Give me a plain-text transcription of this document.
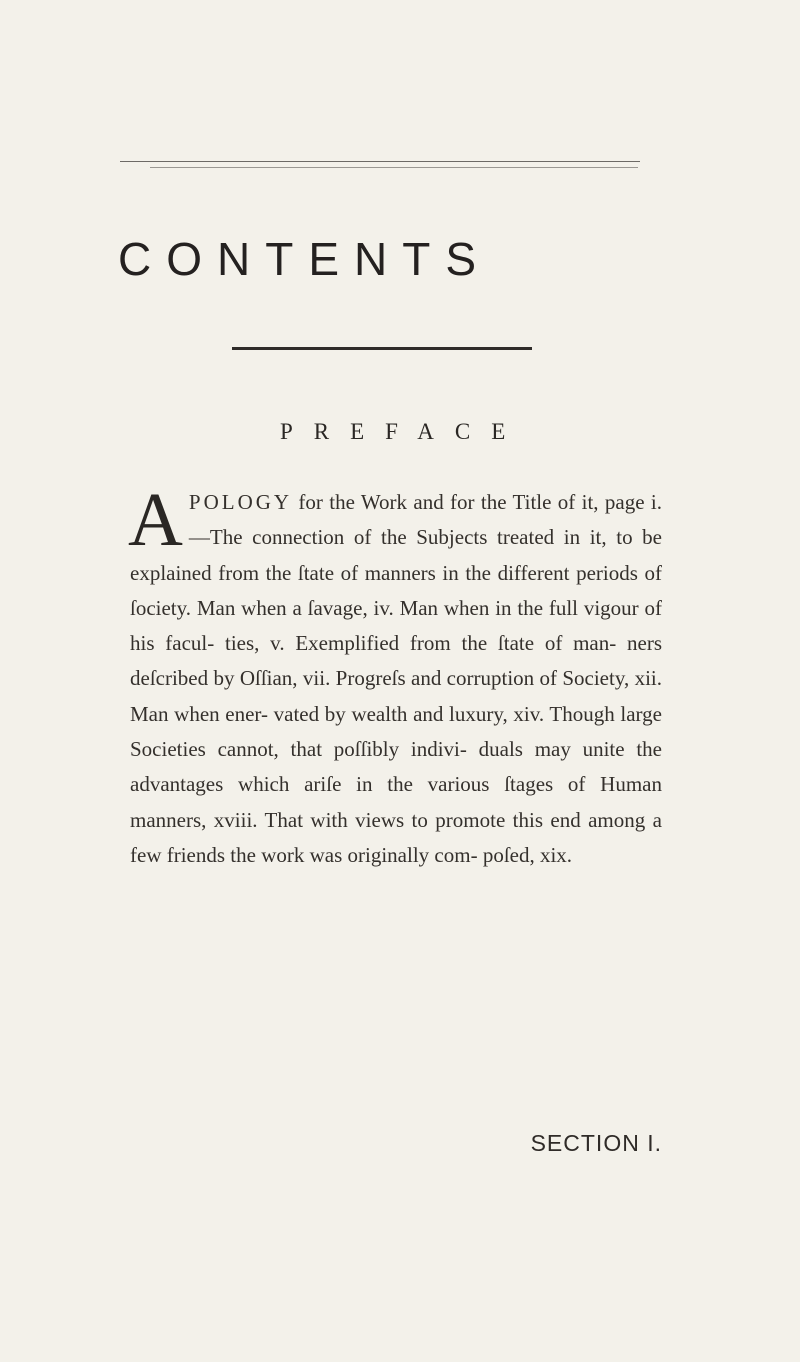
CONTENTS
PREFACE

APOLOGY for the Work and for the Title of it, page i.—The connection of the Subjects treated in it, to be explained from the ſtate of manners in the different periods of ſociety. Man when a ſavage, iv. Man when in the full vigour of his facul- ties, v. Exemplified from the ſtate of man- ners deſcribed by Oſſian, vii. Progreſs and corruption of Society, xii. Man when ener- vated by wealth and luxury, xiv. Though large Societies cannot, that poſſibly indivi- duals may unite the advantages which ariſe in the various ſtages of Human manners, xviii. That with views to promote this end among a few friends the work was originally com- poſed, xix.

SECTION I.
